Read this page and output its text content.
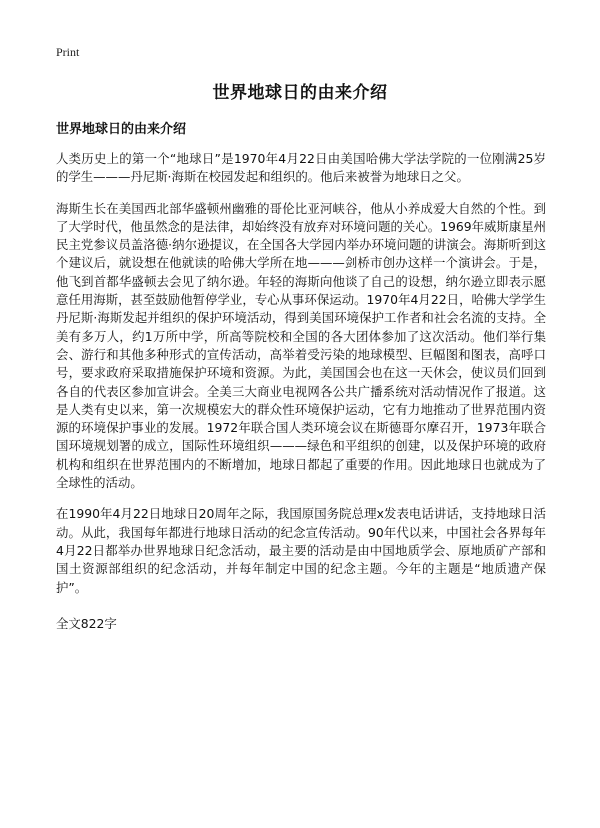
Print
世界地球日的由来介绍
世界地球日的由来介绍

人类历史上的第一个“地球日”是1970年4月22日由美国哈佛大学法学院的一位刚满25岁的学生———丹尼斯·海斯在校园发起和组织的。他后来被誉为地球日之父。

海斯生长在美国西北部华盛顿州幽雅的哥伦比亚河峡谷，他从小养成爱大自然的个性。到了大学时代，他虽然念的是法律，却始终没有放弃对环境问题的关心。1969年威斯康星州民主党参议员盖洛德·纳尔逊提议，在全国各大学园内举办环境问题的讲演会。海斯听到这个建议后，就设想在他就读的哈佛大学所在地———剑桥市创办这样一个演讲会。于是，他飞到首都华盛顿去会见了纳尔逊。年轻的海斯向他谈了自己的设想，纳尔逊立即表示愿意任用海斯，甚至鼓励他暂停学业，专心从事环保运动。1970年4月22日，哈佛大学学生丹尼斯·海斯发起并组织的保护环境活动，得到美国环境保护工作者和社会名流的支持。全美有多万人，约1万所中学，所高等院校和全国的各大团体参加了这次活动。他们举行集会、游行和其他多种形式的宣传活动，高举着受污染的地球模型、巨幅图和图表，高呼口号，要求政府采取措施保护环境和资源。为此，美国国会也在这一天休会，使议员们回到各自的代表区参加宣讲会。全美三大商业电视网各公共广播系统对活动情况作了报道。这是人类有史以来，第一次规模宏大的群众性环境保护运动，它有力地推动了世界范围内资源的环境保护事业的发展。1972年联合国人类环境会议在斯德哥尔摩召开，1973年联合国环境规划署的成立，国际性环境组织———绿色和平组织的创建，以及保护环境的政府机构和组织在世界范围内的不断增加，地球日都起了重要的作用。因此地球日也就成为了全球性的活动。

在1990年4月22日地球日20周年之际，我国原国务院总理x发表电话讲话，支持地球日活动。从此，我国每年都进行地球日活动的纪念宣传活动。90年代以来，中国社会各界每年4月22日都举办世界地球日纪念活动，最主要的活动是由中国地质学会、原地质矿产部和国土资源部组织的纪念活动，并每年制定中国的纪念主题。今年的主题是“地质遗产保护”。

全文822字
